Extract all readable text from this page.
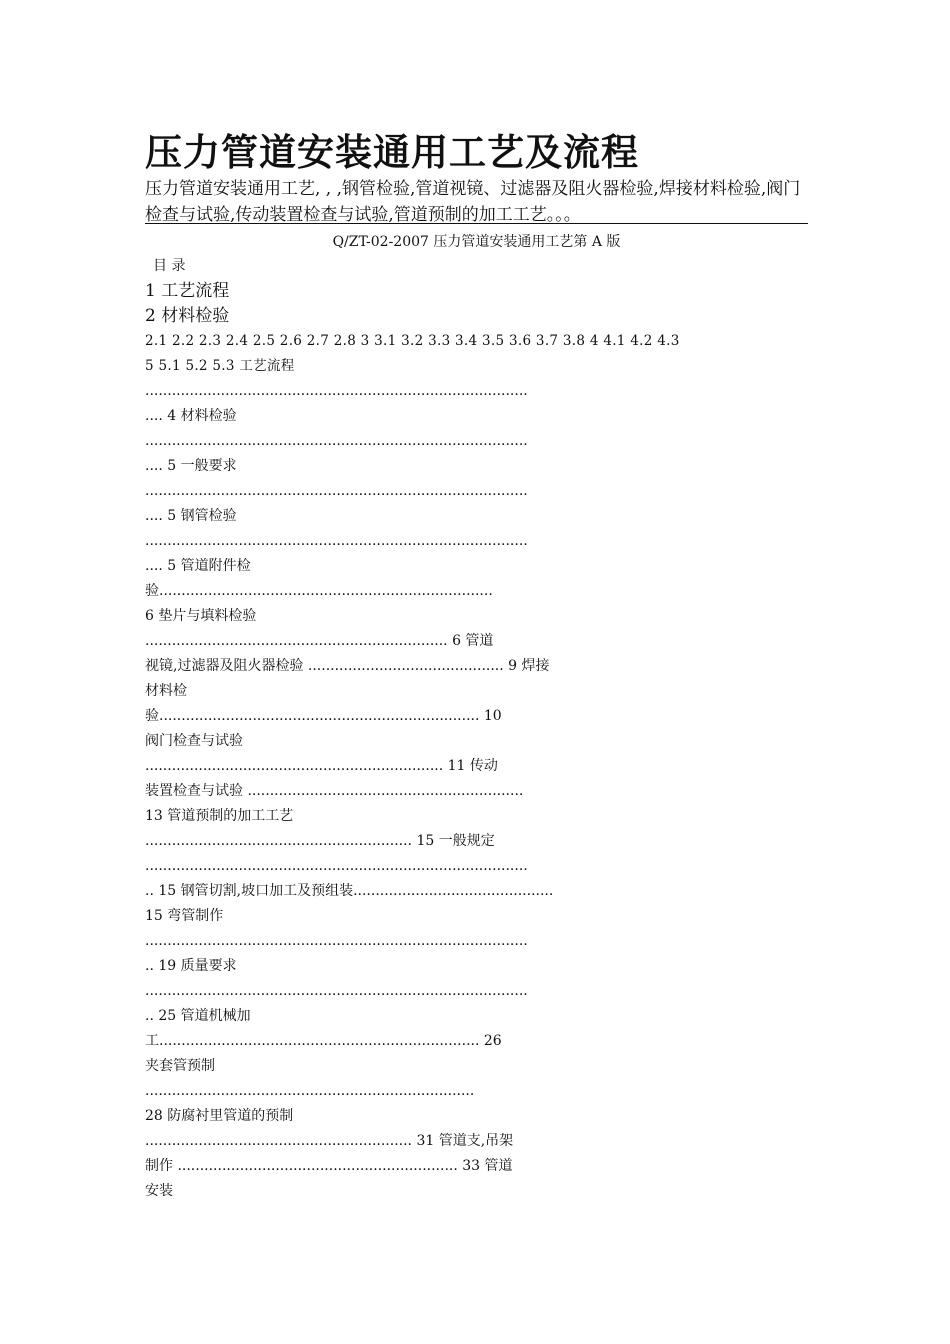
压力管道安装通用工艺及流程
压力管道安装通用工艺, , ,钢管检验,管道视镜、过滤器及阻火器检验,焊接材料检验,阀门检查与试验,传动装置检查与试验,管道预制的加工工艺。。。
Q/ZT-02-2007 压力管道安装通用工艺第 A 版
目 录
1 工艺流程
2 材料检验
2.1 2.2 2.3 2.4 2.5 2.6 2.7 2.8 3 3.1 3.2 3.3 3.4 3.5 3.6 3.7 3.8 4 4.1 4.2 4.3
5 5.1 5.2 5.3 工艺流程
......................................................................................
.... 4 材料检验
......................................................................................
.... 5 一般要求
......................................................................................
.... 5 钢管检验
......................................................................................
.... 5 管道附件检
验...........................................................................
6 垫片与填料检验
.................................................................... 6 管道
视镜,过滤器及阻火器检验 ............................................ 9 焊接
材料检
验........................................................................ 10
阀门检查与试验
................................................................... 11 传动
装置检查与试验 ..............................................................
13 管道预制的加工工艺
............................................................ 15 一般规定
......................................................................................
.. 15 钢管切割,坡口加工及预组装.............................................
15 弯管制作
......................................................................................
.. 19 质量要求
......................................................................................
.. 25 管道机械加
工........................................................................ 26
夹套管预制
..........................................................................
28 防腐衬里管道的预制
............................................................ 31 管道支,吊架
制作 ............................................................... 33 管道
安装
